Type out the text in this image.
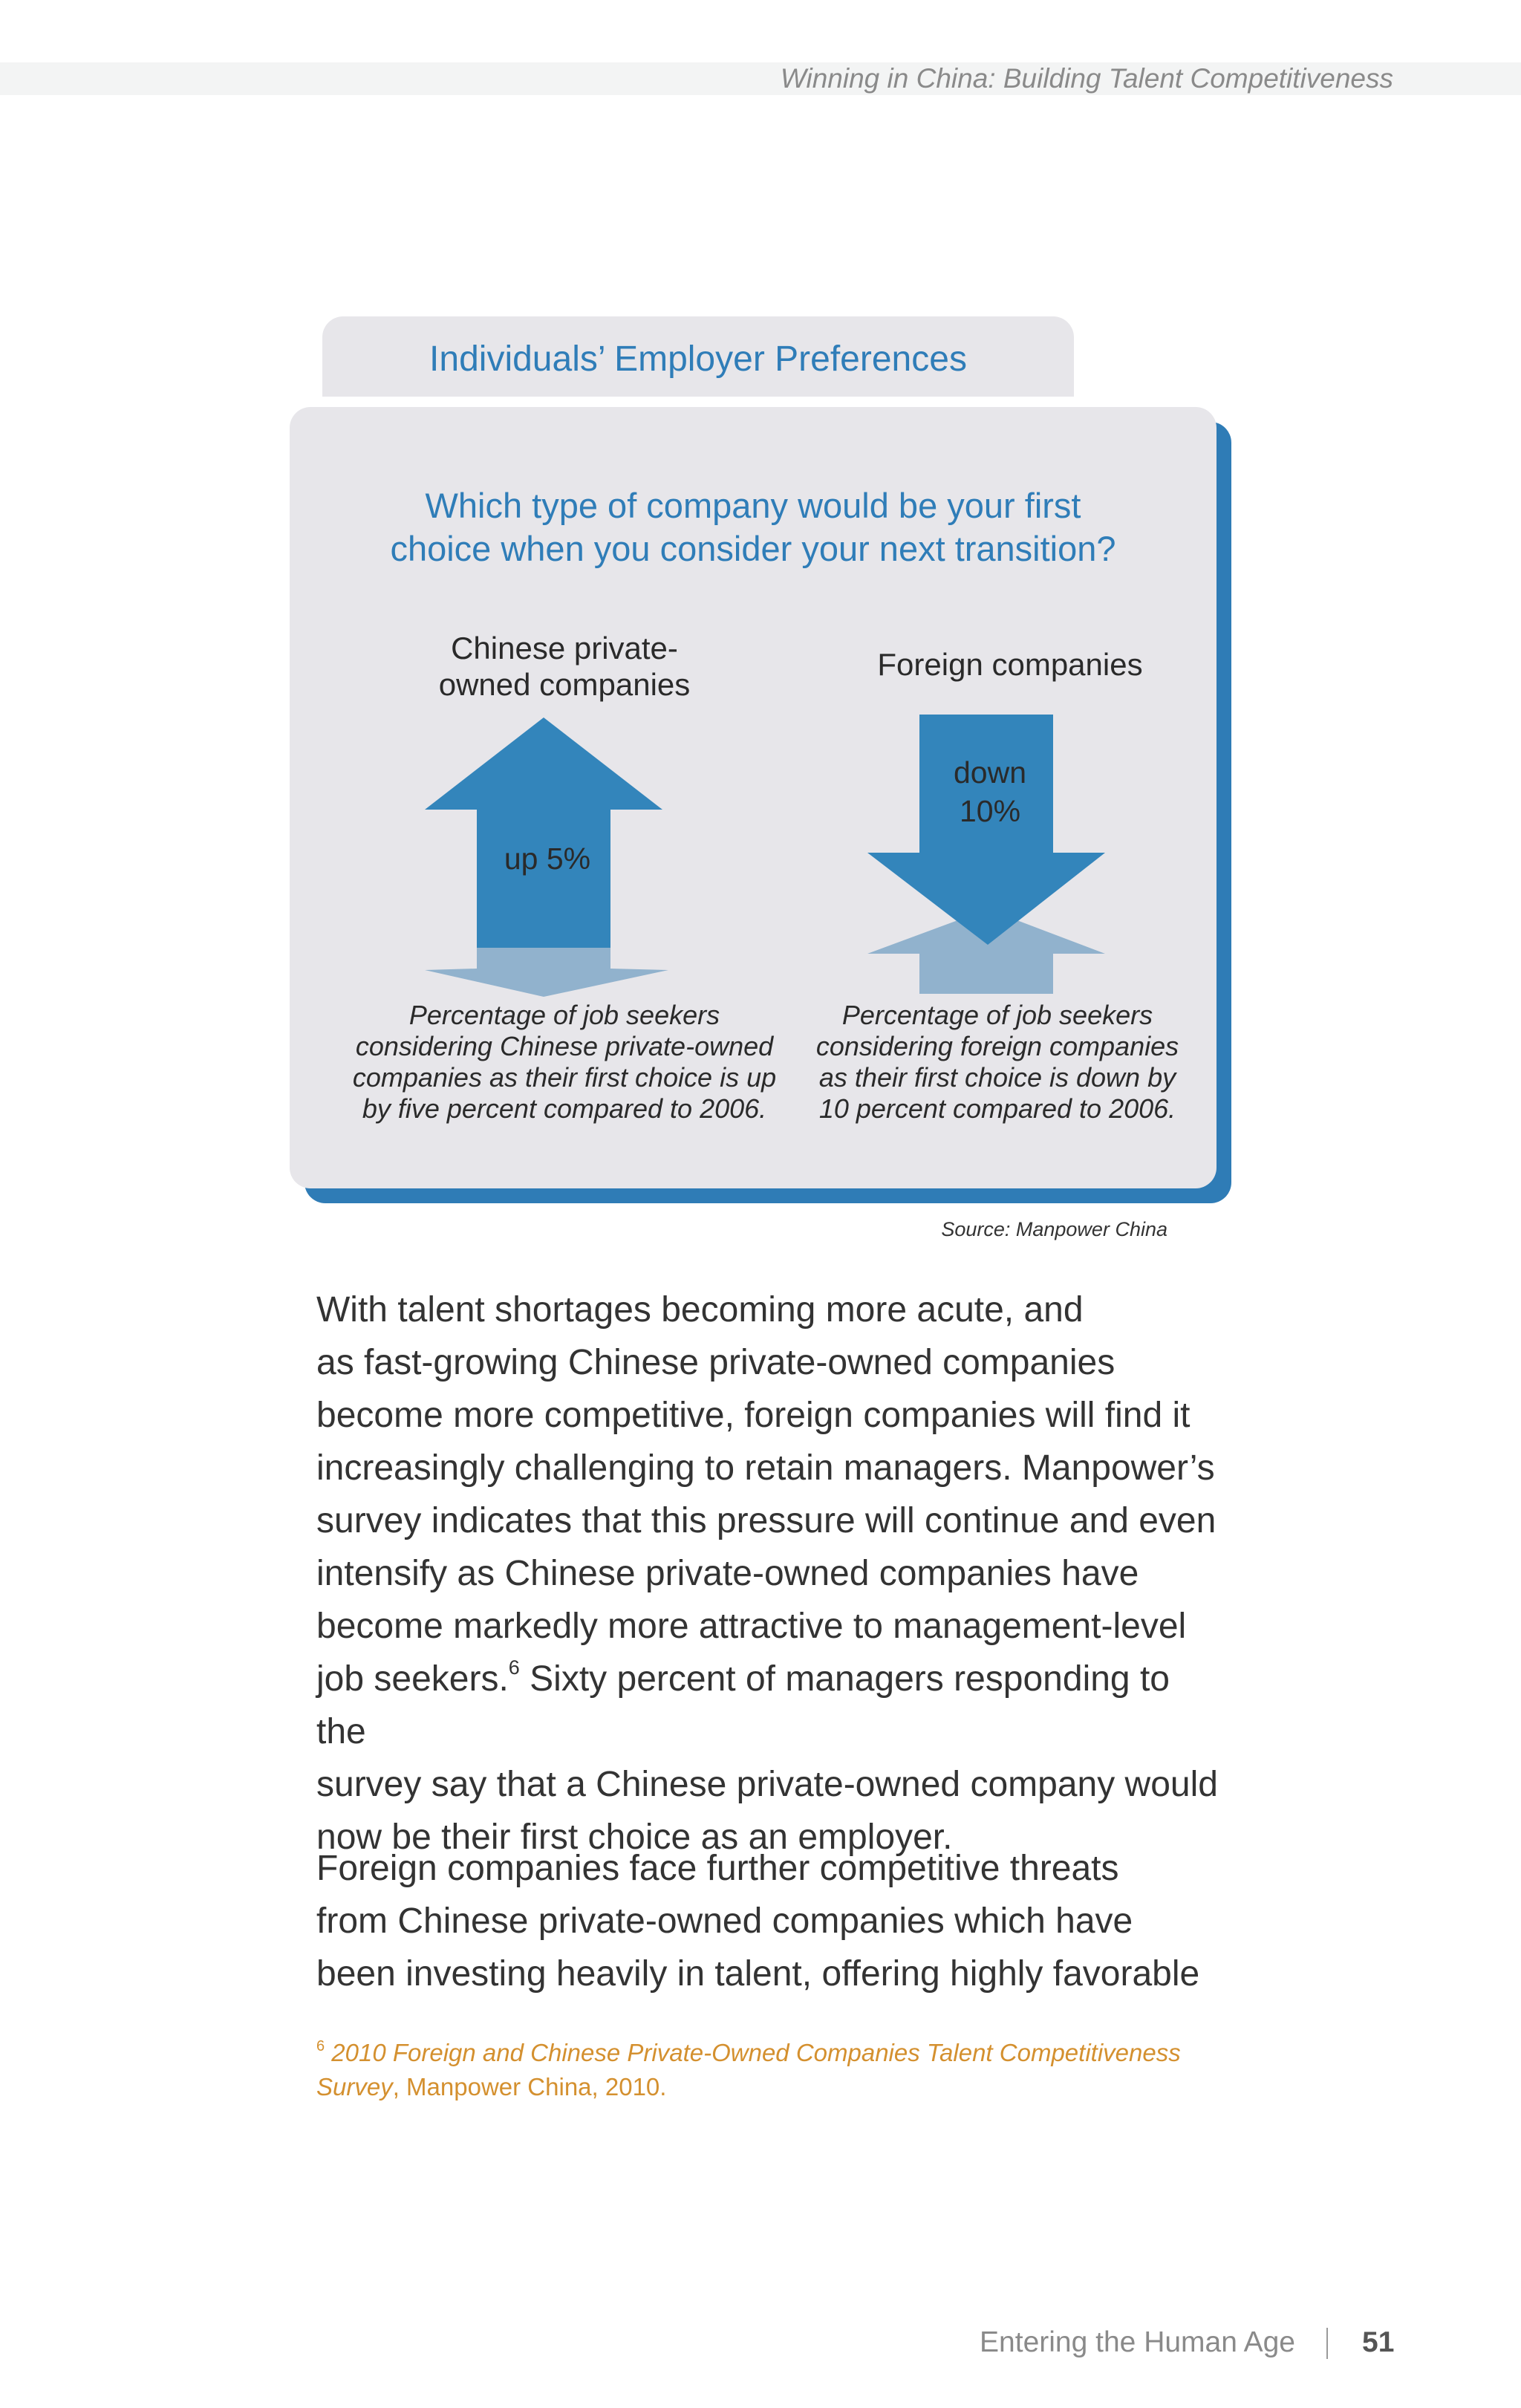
Winning in China: Building Talent Competitiveness
Individuals’ Employer Preferences
Which type of company would be your first
choice when you consider your next transition?
Chinese private-
owned companies
up 5%
Percentage of job seekers
considering Chinese private-owned
companies as their first choice is up
by five percent compared to 2006.
Foreign companies
down
10%
Percentage of job seekers
considering foreign companies
as their first choice is down by
10 percent compared to 2006.
Source: Manpower China
With talent shortages becoming more acute, and
as fast-growing Chinese private-owned companies
become more competitive, foreign companies will find it
increasingly challenging to retain managers. Manpower’s
survey indicates that this pressure will continue and even
intensify as Chinese private-owned companies have
become markedly more attractive to management-level
job seekers.$^6$ Sixty percent of managers responding to the
survey say that a Chinese private-owned company would
now be their first choice as an employer.
Foreign companies face further competitive threats
from Chinese private-owned companies which have
been investing heavily in talent, offering highly favorable
$^6$ 2010 Foreign and Chinese Private-Owned Companies Talent Competitiveness
Survey, Manpower China, 2010.
Entering the Human Age 51
